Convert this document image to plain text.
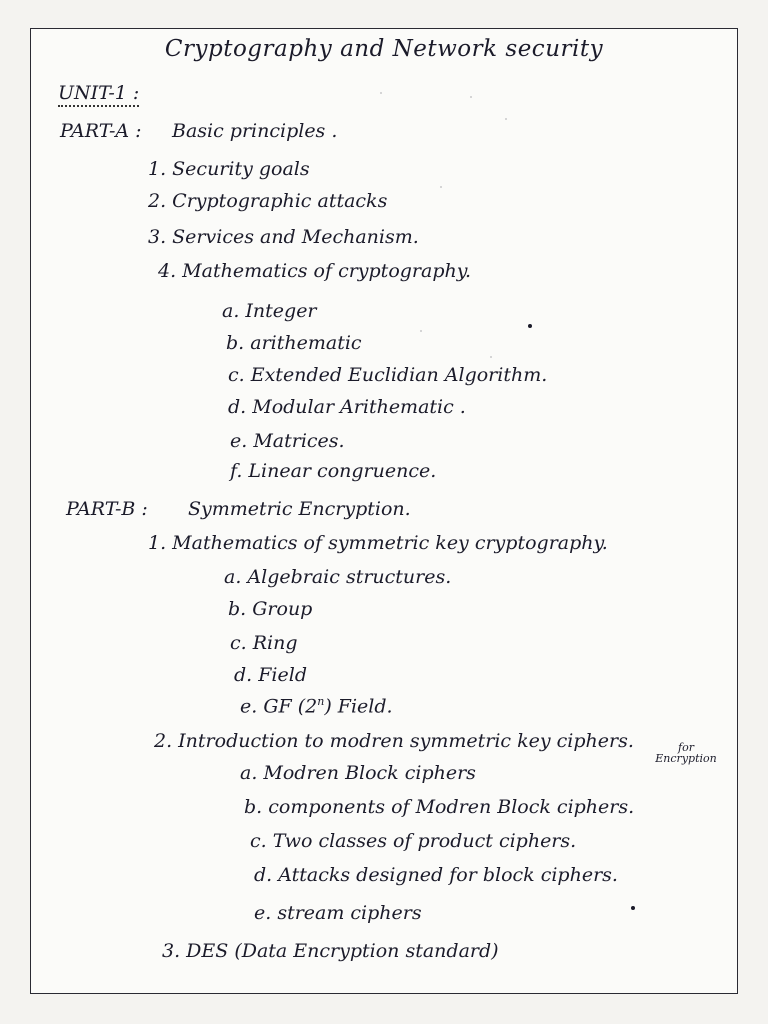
Cryptography and Network security
UNIT-1 :
PART-A : Basic principles .
1. Security goals
2. Cryptographic attacks
3. Services and Mechanism.
4. Mathematics of cryptography.
a. Integer
b. arithematic
c. Extended Euclidian Algorithm.
d. Modular Arithematic .
e. Matrices.
f. Linear congruence.
PART-B : Symmetric Encryption.
1. Mathematics of symmetric key cryptography.
a. Algebraic structures.
b. Group
c. Ring
d. Field
e. GF (2$^n$) Field.
2. Introduction to modren symmetric key ciphers.	for
Encryption
a. Modren Block ciphers
b. components of Modren Block ciphers.
c. Two classes of product ciphers.
d. Attacks designed for block ciphers.
e. stream ciphers
3. DES (Data Encryption standard)
